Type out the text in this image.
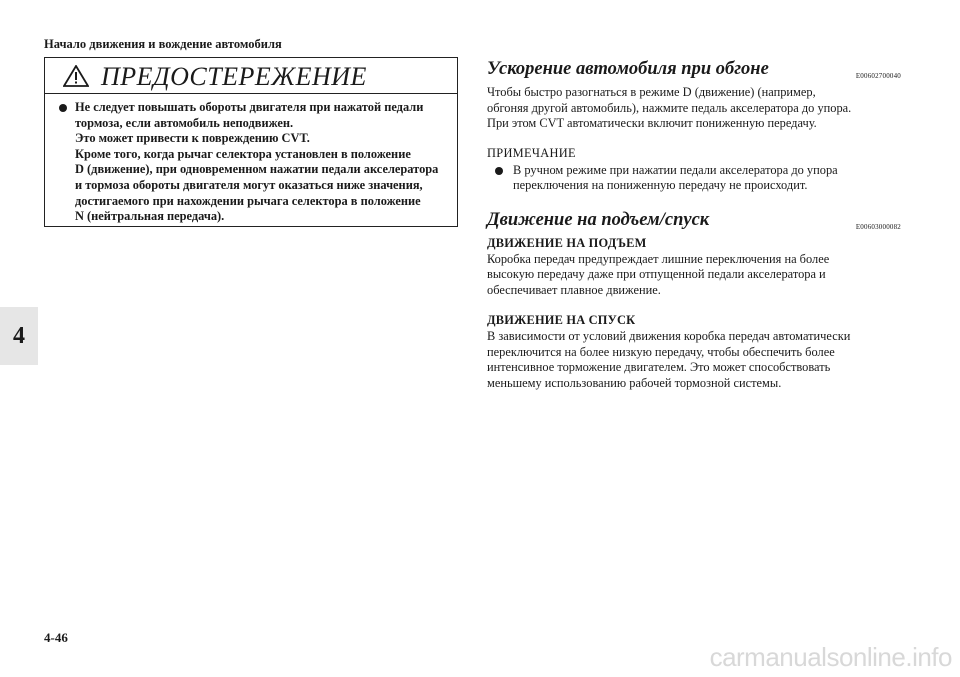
Начало движения и вождение автомобиля
4
ПРЕДОСТЕРЕЖЕНИЕ
Не следует повышать обороты двигателя при нажатой педали
тормоза, если автомобиль неподвижен.
Это может привести к повреждению CVT.
Кроме того, когда рычаг селектора установлен в положение
D (движение), при одновременном нажатии педали акселератора
и тормоза обороты двигателя могут оказаться ниже значения,
достигаемого при нахождении рычага селектора в положение
N (нейтральная передача).
Ускорение автомобиля при обгоне	E00602700040
Чтобы быстро разогнаться в режиме D (движение) (например,
обгоняя другой автомобиль), нажмите педаль акселератора до упора.
При этом CVT автоматически включит пониженную передачу.
ПРИМЕЧАНИЕ
В ручном режиме при нажатии педали акселератора до упора
переключения на пониженную передачу не происходит.
Движение на подъем/спуск	E00603000082
ДВИЖЕНИЕ НА ПОДЪЕМ
Коробка передач предупреждает лишние переключения на более
высокую передачу даже при отпущенной педали акселератора и
обеспечивает плавное движение.
ДВИЖЕНИЕ НА СПУСК
В зависимости от условий движения коробка передач автоматически
переключится на более низкую передачу, чтобы обеспечить более
интенсивное торможение двигателем. Это может способствовать
меньшему использованию рабочей тормозной системы.
4-46
carmanualsonline.info
